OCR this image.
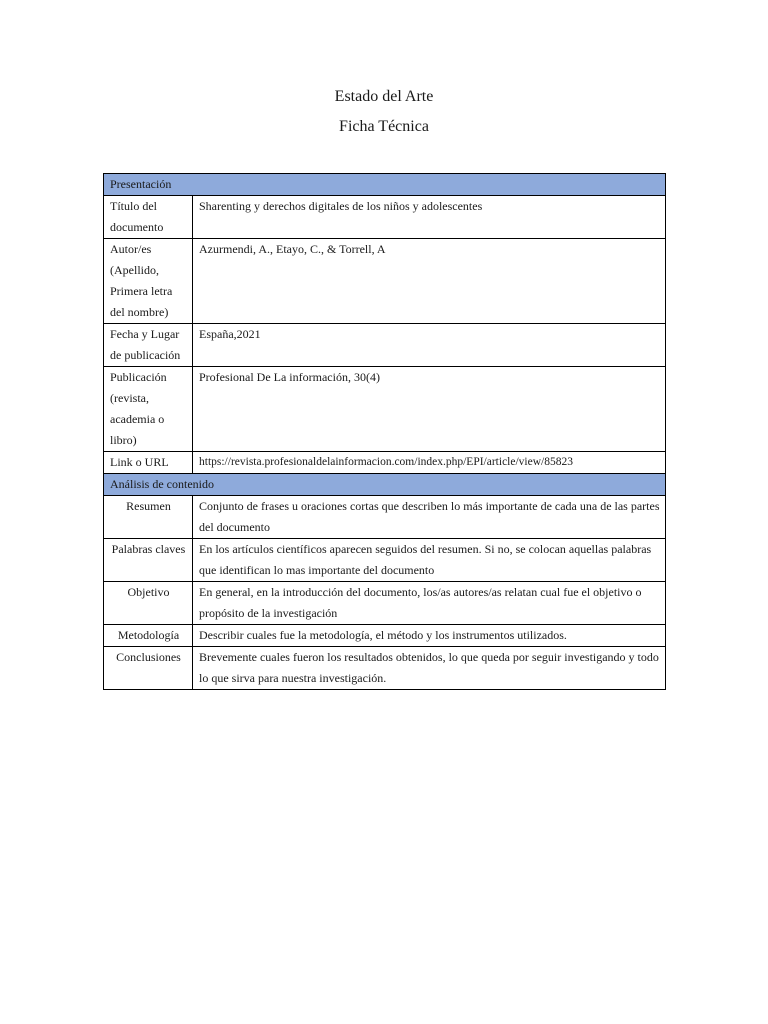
Estado del Arte
Ficha Técnica
Presentación	
Título del documento	Sharenting y derechos digitales de los niños y adolescentes
Autor/es (Apellido, Primera letra del nombre)	Azurmendi, A., Etayo, C., & Torrell, A
Fecha y Lugar de publicación	España,2021
Publicación (revista, academia o libro)	Profesional De La información, 30(4)
Link o URL	https://revista.profesionaldelainformacion.com/index.php/EPI/article/view/85823
Análisis de contenido	
Resumen	Conjunto de frases u oraciones cortas que describen lo más importante de cada una de las partes del documento
Palabras claves	En los artículos científicos aparecen seguidos del resumen. Si no, se colocan aquellas palabras que identifican lo mas importante del documento
Objetivo	En general, en la introducción del documento, los/as autores/as relatan cual fue el objetivo o propósito de la investigación
Metodología	Describir cuales fue la metodología, el método y los instrumentos utilizados.
Conclusiones	Brevemente cuales fueron los resultados obtenidos, lo que queda por seguir investigando y todo lo que sirva para nuestra investigación.
